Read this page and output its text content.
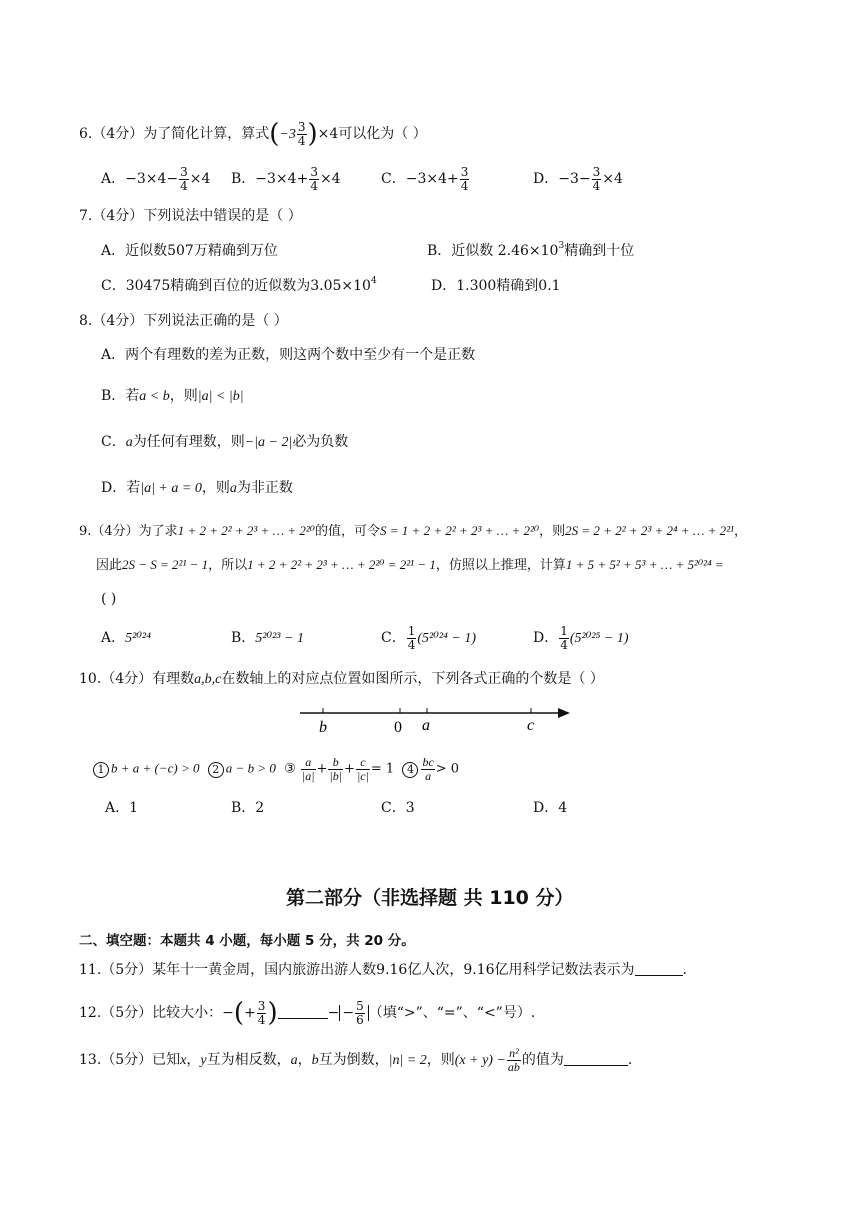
6.（4分）为了简化计算，算式$(-3 \frac{3}{4} )\times 4$可以化为（ ）
A．$-3\times 4- \frac{3}{4} \times 4$ B．$-3\times 4+ \frac{3}{4} \times 4$	C．$-3\times 4+ \frac{3}{4}$	D．$-3- \frac{3}{4} \times 4$
7.（4分）下列说法中错误的是（ ）
A．近似数507万精确到万位	B．近似数 $2.46\times 10^3$精确到十位
C．30475精确到百位的近似数为$3.05\times 10^4$	D．1.300精确到0.1
8.（4分）下列说法正确的是（ ）
A．两个有理数的差为正数，则这两个数中至少有一个是正数
B．若a < b，则|a| < |b|
C．a为任何有理数，则−|a − 2|必为负数
D．若|a| + a = 0，则a为非正数
9.（4分）为了求1 + 2 + 2² + 2³ + … + 2²⁰的值，可令S = 1 + 2 + 2² + 2³ + … + 2²⁰，则2S = 2 + 2² + 2³ + 2⁴ + … + 2²¹，
因此2S − S = 2²¹ − 1，所以1 + 2 + 2² + 2³ + … + 2²⁰ = 2²¹ − 1，仿照以上推理，计算1 + 5 + 5² + 5³ + … + 5²⁰²⁴ =
( )
A．5²⁰²⁴	B．5²⁰²³ − 1	C． $\frac{1}{4} (5^{2024} - 1)$	D． $\frac{1}{4} (5^{2025} - 1)$
10.（4分）有理数a,b,c在数轴上的对应点位置如图所示，下列各式正确的个数是（ ）
b	0 a	c
1 b + a + (−c) > 0 2 a − b > 0 ③ $\frac{a}{|a|} + \frac{b}{|b|} + \frac{c}{|c|} = 1$ $4 \frac{bc}{a} > 0$
A．1	B．2	C．3	D．4
第二部分（非选择题 共 110 分）
二、填空题：本题共 4 小题，每小题 5 分，共 20 分。
11.（5分）某年十一黄金周，国内旅游出游人数9.16亿人次，9.16亿用科学记数法表示为	.
12.（5分）比较大小：−(+ $\frac{3}{4}$ )	− − $\frac{5}{6}$ （填“>”、“=”、“<”号）.
13.（5分）已知x，y互为相反数，a，b互为倒数，|n| = 2，则$(x + y) - \frac{\text{n²}}{ab}$ 的值为	.
